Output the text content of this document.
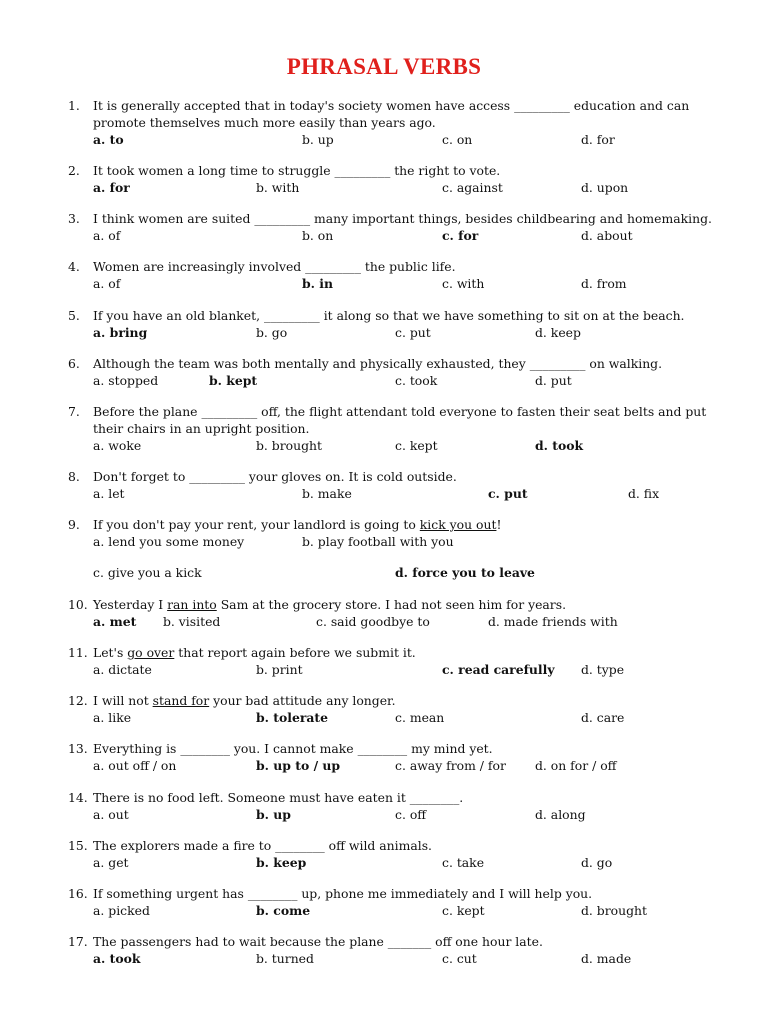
PHRASAL VERBS
1. It is generally accepted that in today's society women have access _________ education and can promote themselves much more easily than years ago.
a. to	b. up	c. on	d. for
2. It took women a long time to struggle _________ the right to vote.
a. for	b. with	c. against	d. upon
3. I think women are suited _________ many important things, besides childbearing and homemaking.
a. of	b. on	c. for	d. about
4. Women are increasingly involved _________ the public life.
a. of	b. in	c. with	d. from
5. If you have an old blanket, _________ it along so that we have something to sit on at the beach.
a. bring	b. go	c. put	d. keep
6. Although the team was both mentally and physically exhausted, they _________ on walking.
a. stopped	b. kept	c. took	d. put
7. Before the plane _________ off, the flight attendant told everyone to fasten their seat belts and put their chairs in an upright position.
a. woke	b. brought	c. kept	d. took
8. Don't forget to _________ your gloves on. It is cold outside.
a. let	b. make	c. put	d. fix
9. If you don't pay your rent, your landlord is going to kick you out!
a. lend you some money	b. play football with you
c. give you a kick	d. force you to leave
10. Yesterday I ran into Sam at the grocery store. I had not seen him for years.
a. met b. visited	c. said goodbye to	d. made friends with
11. Let's go over that report again before we submit it.
a. dictate	b. print	c. read carefully d. type
12. I will not stand for your bad attitude any longer.
a. like	b. tolerate	c. mean	d. care
13. Everything is ________ you. I cannot make ________ my mind yet.
a. out off / on	b. up to / up	c. away from / for d. on for / off
14. There is no food left. Someone must have eaten it ________.
a. out	b. up	c. off	d. along
15. The explorers made a fire to ________ off wild animals.
a. get	b. keep	c. take	d. go
16. If something urgent has ________ up, phone me immediately and I will help you.
a. picked	b. come	c. kept	d. brought
17. The passengers had to wait because the plane _______ off one hour late.
a. took	b. turned	c. cut	d. made
